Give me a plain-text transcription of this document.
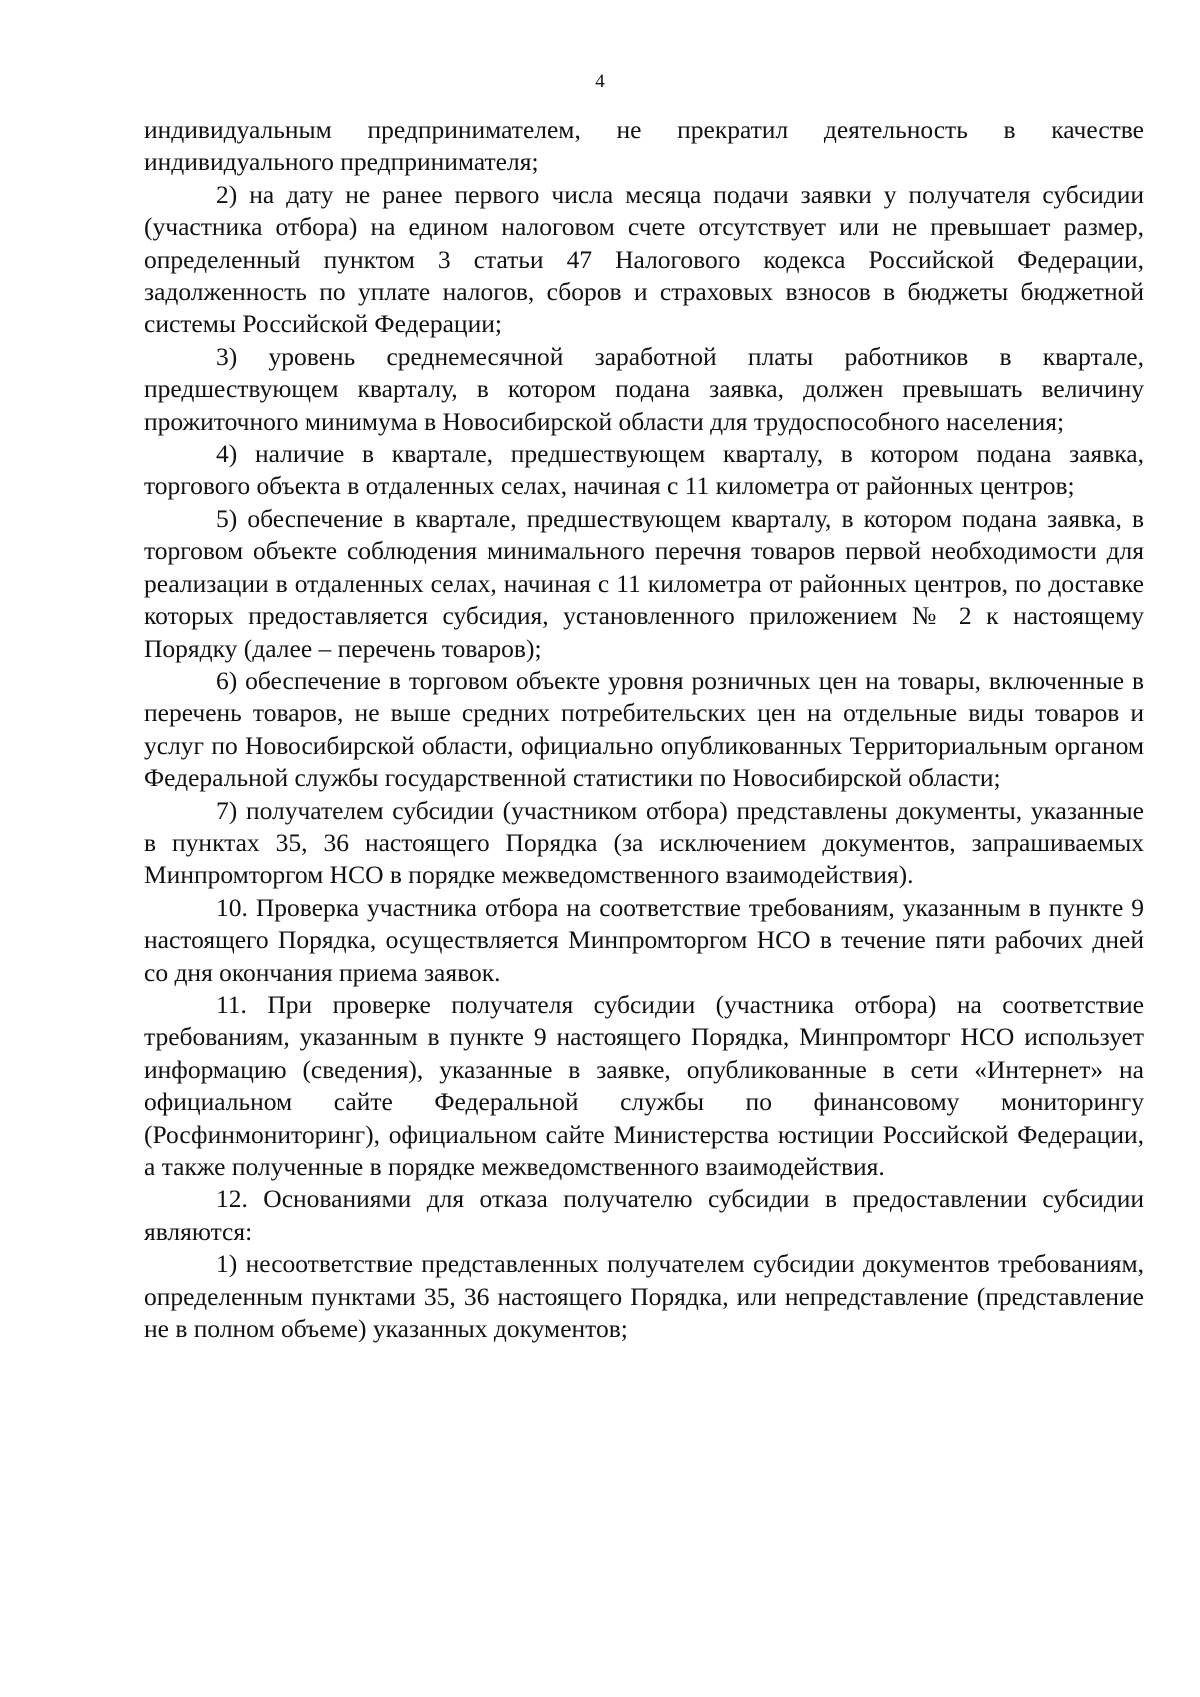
4

индивидуальным предпринимателем, не прекратил деятельность в качестве индивидуального предпринимателя;

2) на дату не ранее первого числа месяца подачи заявки у получателя субсидии (участника отбора) на едином налоговом счете отсутствует или не превышает размер, определенный пунктом 3 статьи 47 Налогового кодекса Российской Федерации, задолженность по уплате налогов, сборов и страховых взносов в бюджеты бюджетной системы Российской Федерации;

3) уровень среднемесячной заработной платы работников в квартале, предшествующем кварталу, в котором подана заявка, должен превышать величину прожиточного минимума в Новосибирской области для трудоспособного населения;

4) наличие в квартале, предшествующем кварталу, в котором подана заявка, торгового объекта в отдаленных селах, начиная с 11 километра от районных центров;

5) обеспечение в квартале, предшествующем кварталу, в котором подана заявка, в торговом объекте соблюдения минимального перечня товаров первой необходимости для реализации в отдаленных селах, начиная с 11 километра от районных центров, по доставке которых предоставляется субсидия, установленного приложением № 2 к настоящему Порядку (далее – перечень товаров);

6) обеспечение в торговом объекте уровня розничных цен на товары, включенные в перечень товаров, не выше средних потребительских цен на отдельные виды товаров и услуг по Новосибирской области, официально опубликованных Территориальным органом Федеральной службы государственной статистики по Новосибирской области;

7) получателем субсидии (участником отбора) представлены документы, указанные в пунктах 35, 36 настоящего Порядка (за исключением документов, запрашиваемых Минпромторгом НСО в порядке межведомственного взаимодействия).

10. Проверка участника отбора на соответствие требованиям, указанным в пункте 9 настоящего Порядка, осуществляется Минпромторгом НСО в течение пяти рабочих дней со дня окончания приема заявок.

11. При проверке получателя субсидии (участника отбора) на соответствие требованиям, указанным в пункте 9 настоящего Порядка, Минпромторг НСО использует информацию (сведения), указанные в заявке, опубликованные в сети «Интернет» на официальном сайте Федеральной службы по финансовому мониторингу (Росфинмониторинг), официальном сайте Министерства юстиции Российской Федерации, а также полученные в порядке межведомственного взаимодействия.

12. Основаниями для отказа получателю субсидии в предоставлении субсидии являются:

1) несоответствие представленных получателем субсидии документов требованиям, определенным пунктами 35, 36 настоящего Порядка, или непредставление (представление не в полном объеме) указанных документов;
